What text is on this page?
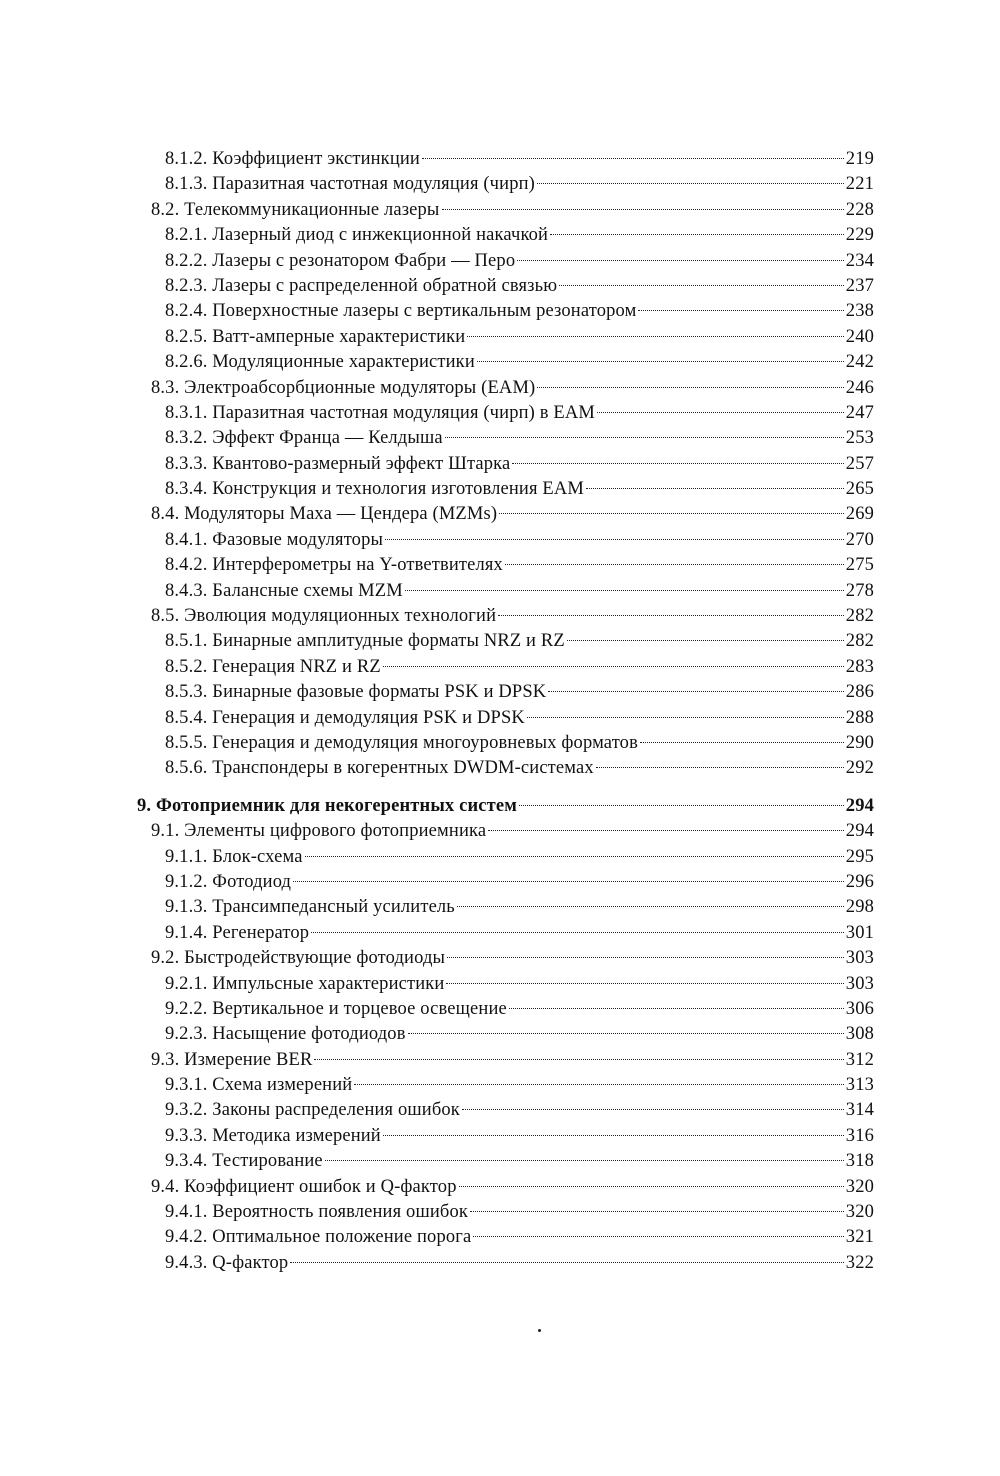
8.1.2. Коэффициент экстинкции	219
8.1.3. Паразитная частотная модуляция (чирп)	221
8.2. Телекоммуникационные лазеры	228
8.2.1. Лазерный диод с инжекционной накачкой	229
8.2.2. Лазеры с резонатором Фабри — Перо	234
8.2.3. Лазеры с распределенной обратной связью	237
8.2.4. Поверхностные лазеры с вертикальным резонатором	238
8.2.5. Ватт-амперные характеристики	240
8.2.6. Модуляционные характеристики	242
8.3. Электроабсорбционные модуляторы (ЕАМ)	246
8.3.1. Паразитная частотная модуляция (чирп) в ЕАМ	247
8.3.2. Эффект Франца — Келдыша	253
8.3.3. Квантово-размерный эффект Штарка	257
8.3.4. Конструкция и технология изготовления ЕАМ	265
8.4. Модуляторы Маха — Цендера (MZMs)	269
8.4.1. Фазовые модуляторы	270
8.4.2. Интерферометры на Y-ответвителях	275
8.4.3. Балансные схемы MZM	278
8.5. Эволюция модуляционных технологий	282
8.5.1. Бинарные амплитудные форматы NRZ и RZ	282
8.5.2. Генерация NRZ и RZ	283
8.5.3. Бинарные фазовые форматы PSK и DPSK	286
8.5.4. Генерация и демодуляция PSK и DPSK	288
8.5.5. Генерация и демодуляция многоуровневых форматов	290
8.5.6. Транспондеры в когерентных DWDM-системах	292
9. Фотоприемник для некогерентных систем	294
9.1. Элементы цифрового фотоприемника	294
9.1.1. Блок-схема	295
9.1.2. Фотодиод	296
9.1.3. Трансимпедансный усилитель	298
9.1.4. Регенератор	301
9.2. Быстродействующие фотодиоды	303
9.2.1. Импульсные характеристики	303
9.2.2. Вертикальное и торцевое освещение	306
9.2.3. Насыщение фотодиодов	308
9.3. Измерение BER	312
9.3.1. Схема измерений	313
9.3.2. Законы распределения ошибок	314
9.3.3. Методика измерений	316
9.3.4. Тестирование	318
9.4. Коэффициент ошибок и Q-фактор	320
9.4.1. Вероятность появления ошибок	320
9.4.2. Оптимальное положение порога	321
9.4.3. Q-фактор	322
